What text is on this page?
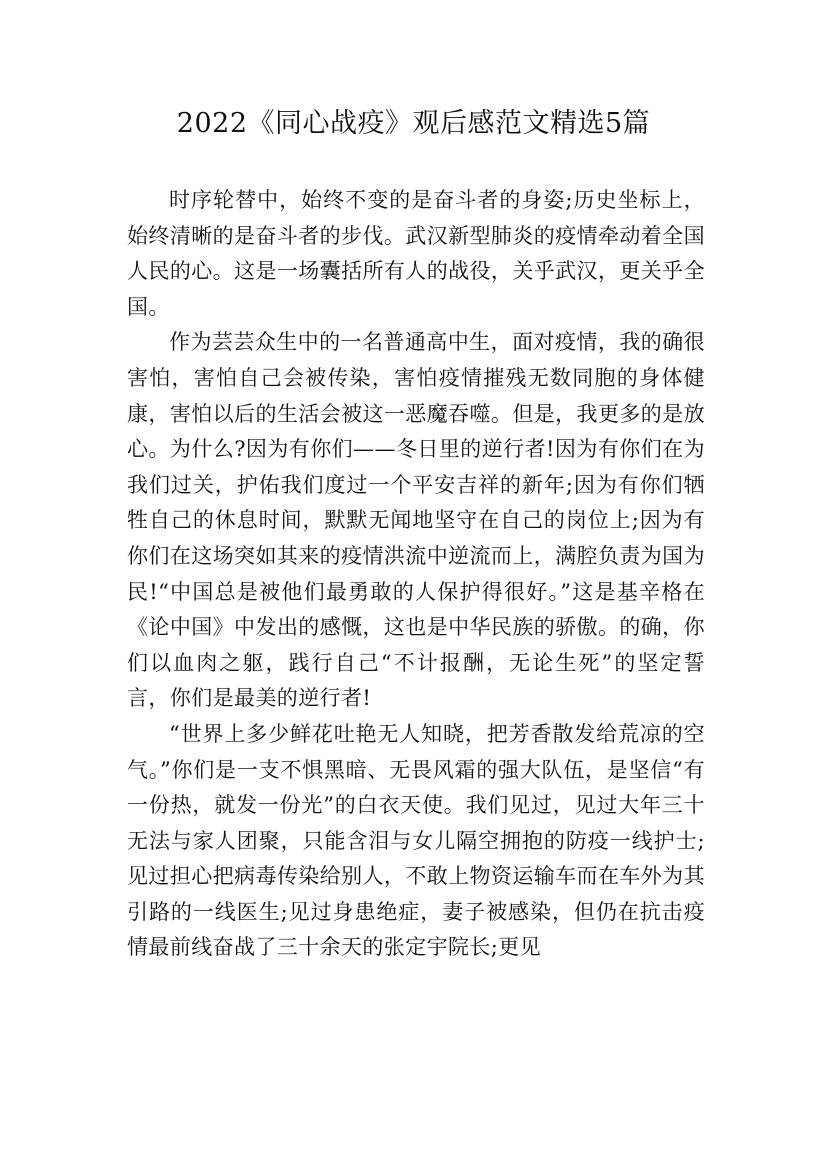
2022《同心战疫》观后感范文精选5篇

时序轮替中，始终不变的是奋斗者的身姿;历史坐标上，始终清晰的是奋斗者的步伐。武汉新型肺炎的疫情牵动着全国人民的心。这是一场囊括所有人的战役，关乎武汉，更关乎全国。

作为芸芸众生中的一名普通高中生，面对疫情，我的确很害怕，害怕自己会被传染，害怕疫情摧残无数同胞的身体健康，害怕以后的生活会被这一恶魔吞噬。但是，我更多的是放心。为什么?因为有你们——冬日里的逆行者!因为有你们在为我们过关，护佑我们度过一个平安吉祥的新年;因为有你们牺牲自己的休息时间，默默无闻地坚守在自己的岗位上;因为有你们在这场突如其来的疫情洪流中逆流而上，满腔负责为国为民!“中国总是被他们最勇敢的人保护得很好。”这是基辛格在《论中国》中发出的感慨，这也是中华民族的骄傲。的确，你们以血肉之躯，践行自己“不计报酬，无论生死”的坚定誓言，你们是最美的逆行者!

“世界上多少鲜花吐艳无人知晓，把芳香散发给荒凉的空气。”你们是一支不惧黑暗、无畏风霜的强大队伍，是坚信“有一份热，就发一份光”的白衣天使。我们见过，见过大年三十无法与家人团聚，只能含泪与女儿隔空拥抱的防疫一线护士;见过担心把病毒传染给别人，不敢上物资运输车而在车外为其引路的一线医生;见过身患绝症，妻子被感染，但仍在抗击疫情最前线奋战了三十余天的张定宇院长;更见
